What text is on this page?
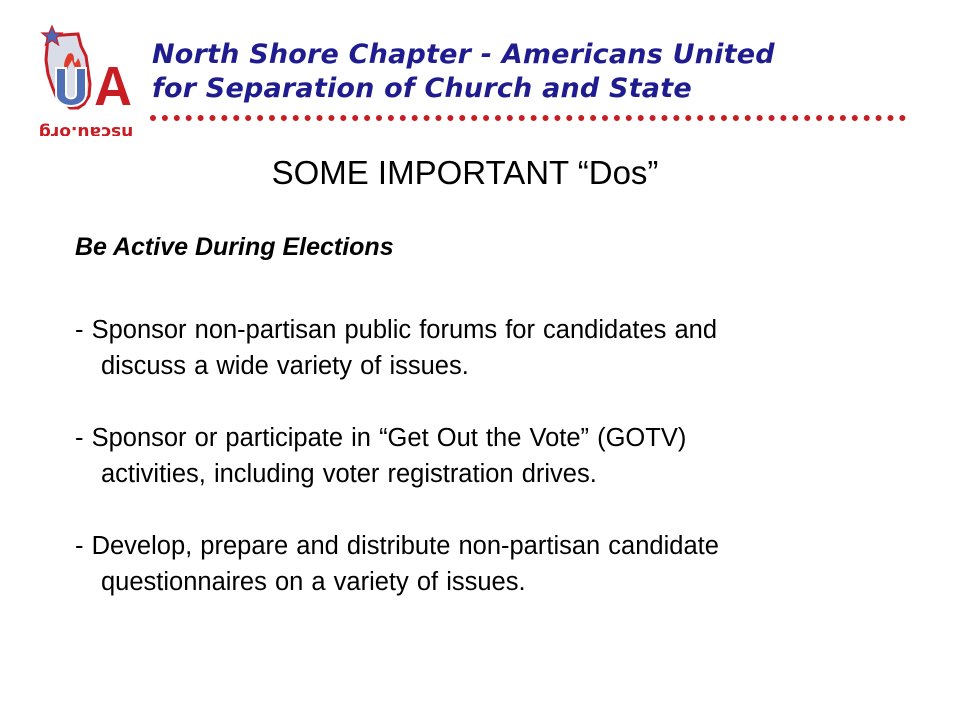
nscau.org
North Shore Chapter - Americans United
for Separation of Church and State
SOME IMPORTANT “Dos”
Be Active During Elections
- Sponsor non-partisan public forums for candidates and
discuss a wide variety of issues.
- Sponsor or participate in “Get Out the Vote” (GOTV)
activities, including voter registration drives.
- Develop, prepare and distribute non-partisan candidate
questionnaires on a variety of issues.
